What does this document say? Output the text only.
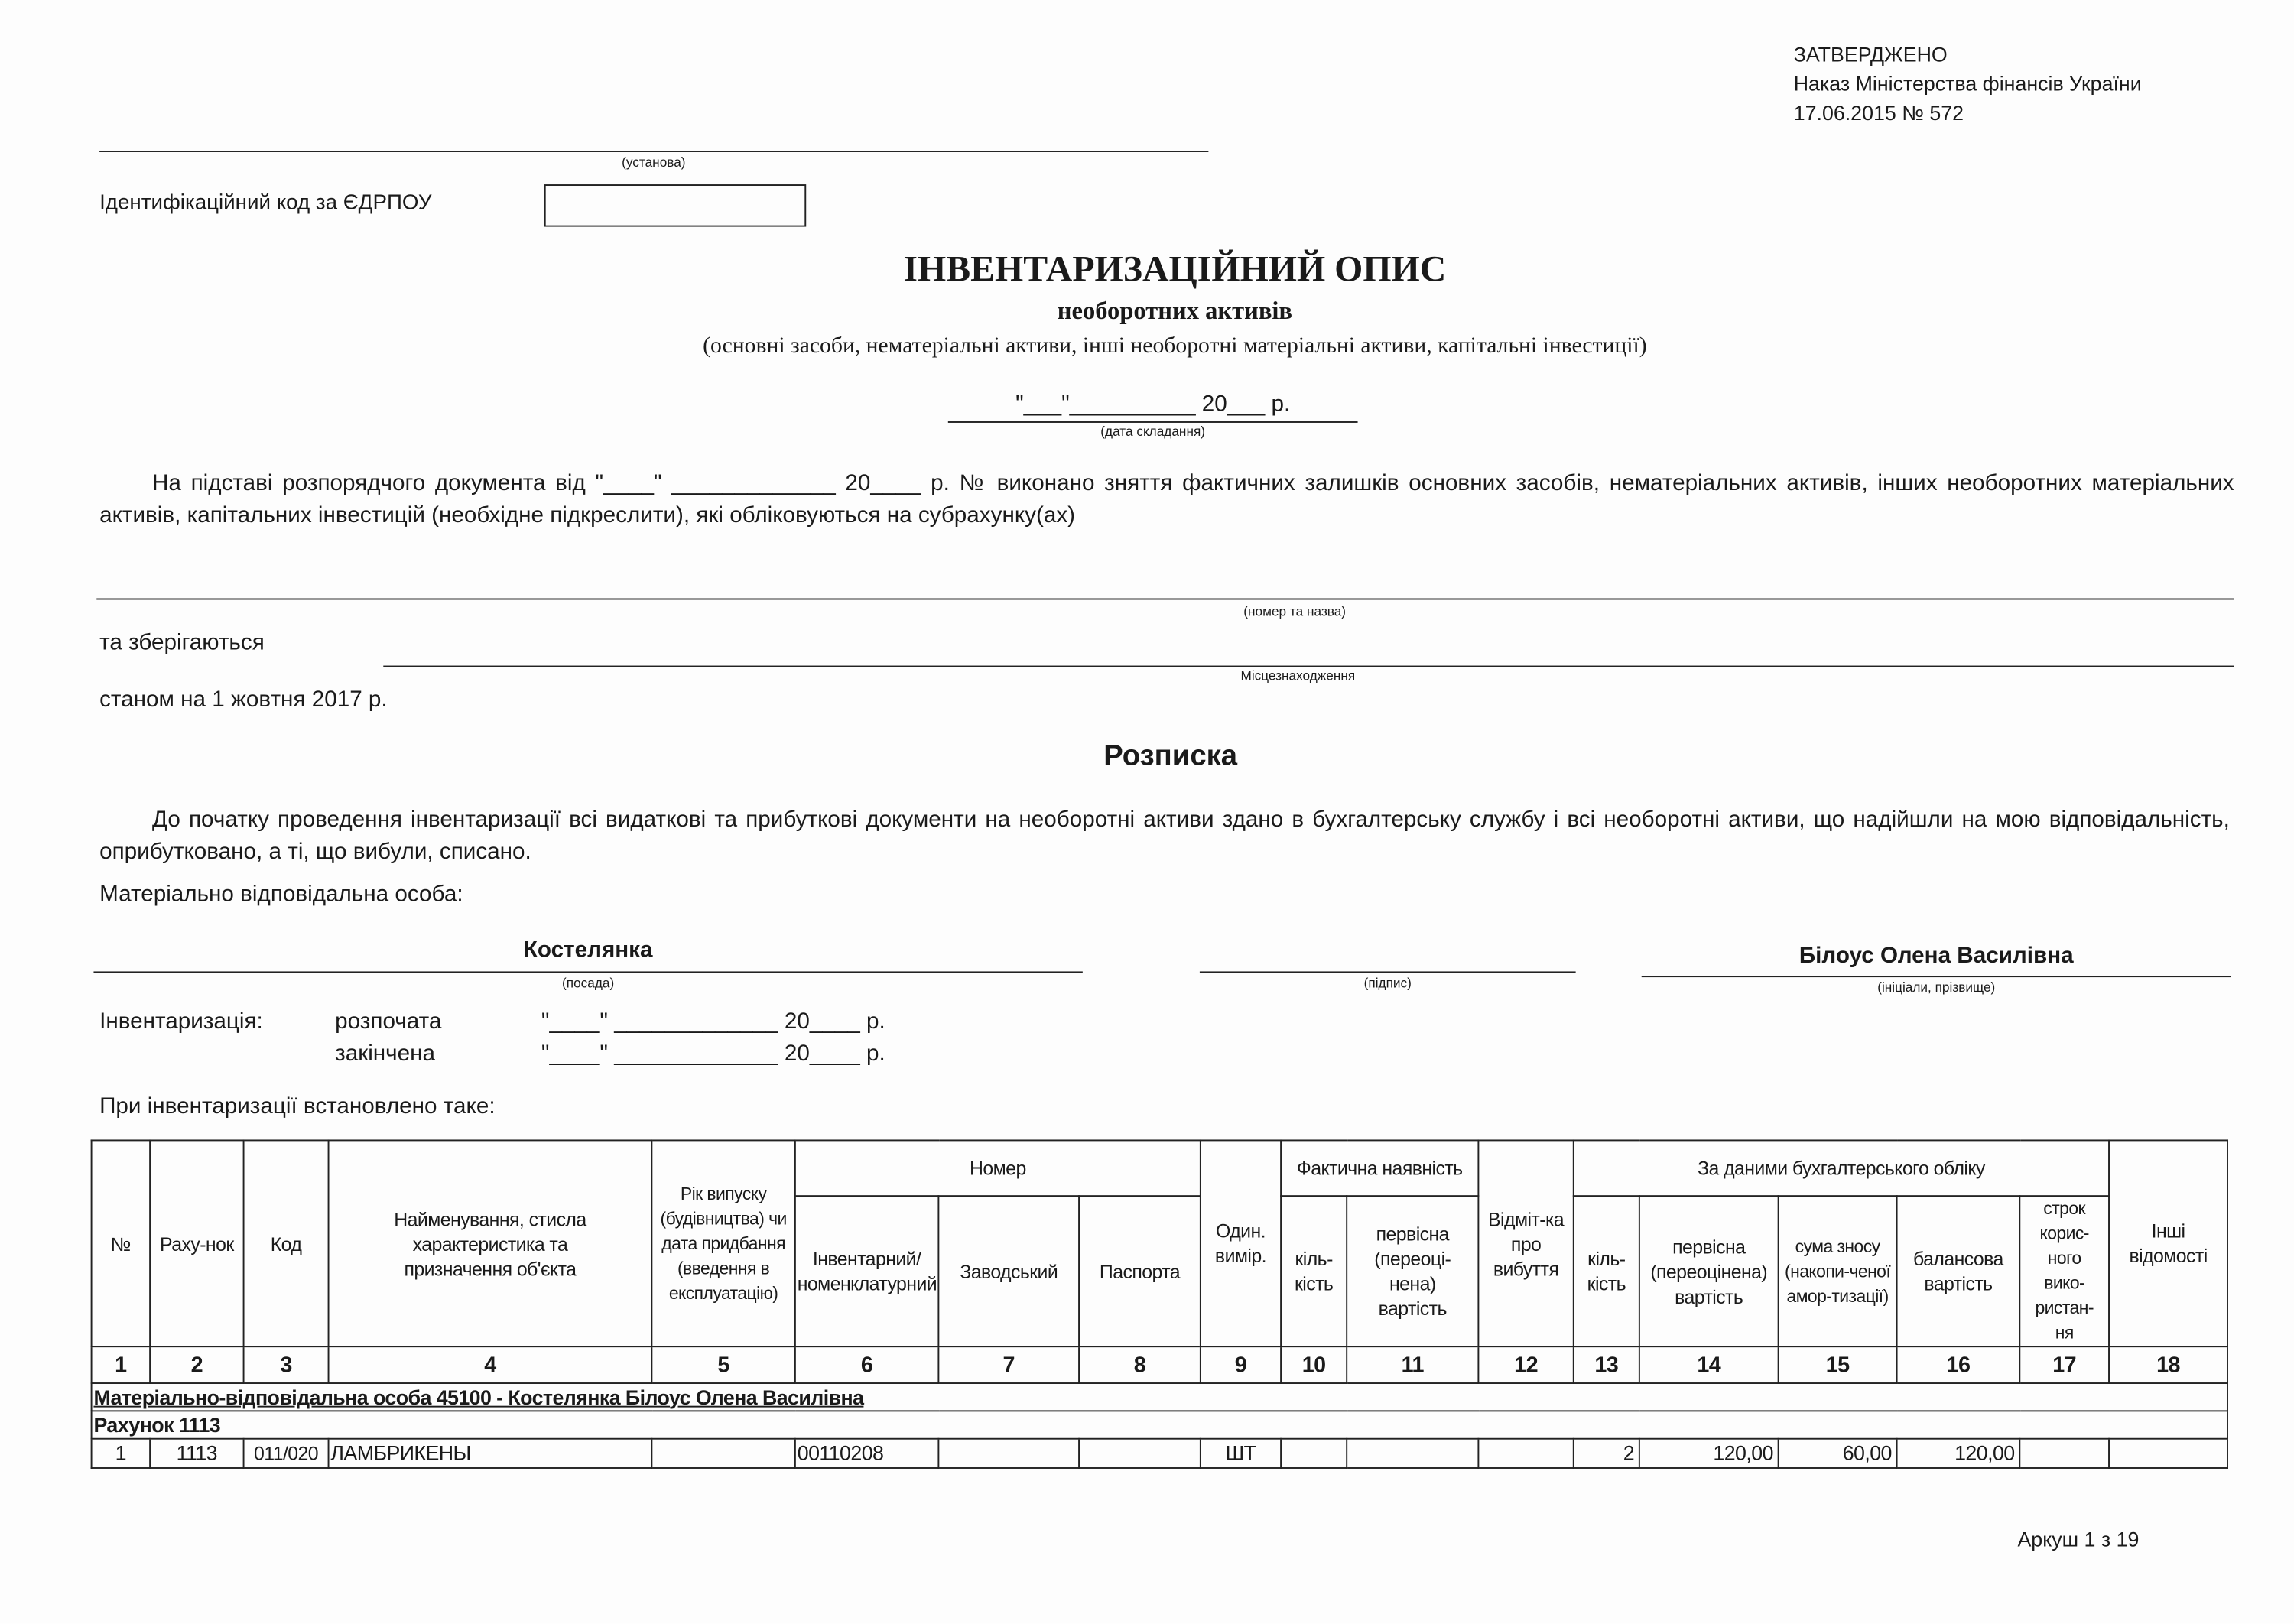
ЗАТВЕРДЖЕНО
Наказ Міністерства фінансів України
17.06.2015 № 572
(установа)
Ідентифікаційний код за ЄДРПОУ
ІНВЕНТАРИЗАЦІЙНИЙ ОПИС
необоротних активів
(основні засоби, нематеріальні активи, інші необоротні матеріальні активи, капітальні інвестиції)
"___"__________ 20___ р.
(дата складання)
На підставі розпорядчого документа від "____" _____________ 20____ р. № виконано зняття фактичних залишків основних засобів, нематеріальних активів, інших необоротних матеріальних активів, капітальних інвестицій (необхідне підкреслити), які обліковуються на субрахунку(ах)
(номер та назва)
та зберігаються
Місцезнаходження
станом на 1 жовтня 2017 р.
Розписка
До початку проведення інвентаризації всі видаткові та прибуткові документи на необоротні активи здано в бухгалтерську службу і всі необоротні активи, що надійшли на мою відповідальність, оприбутковано, а ті, що вибули, списано.
Матеріально відповідальна особа:
Костелянка
(посада)	(підпис)
Білоус Олена Василівна
(ініціали, прізвище)
Інвентаризація:	розпочата	"____" _____________ 20____ р.
закінчена	"____" _____________ 20____ р.
При інвентаризації встановлено таке:
№	Раху-нок	Код	Найменування, стисла характеристика та призначення об'єкта	Рік випуску (будівництва) чи дата придбання (введення в експлуатацію)	Номер			Один. вимір.	Фактична наявність		Відміт-ка про вибуття	За даними бухгалтерського обліку					Інші відомості
					Інвентарний/ номенклатурний	Заводський	Паспорта		кіль-кість	первісна (переоці-нена) вартість		кіль-кість	первісна (переоцінена) вартість	сума зносу (накопи-ченої амор-тизації)	балансова вартість	строк корис-ного вико-ристан-ня	
1	2	3	4	5	6	7	8	9	10	11	12	13	14	15	16	17	18
Матеріально-відповідальна особа 45100 - Костелянка Білоус Олена Василівна																	
Рахунок 1113																	
1	1113	011/020	ЛАМБРИКЕНЫ		00110208			ШТ				2	120,00	60,00	120,00		
Аркуш 1 з 19
